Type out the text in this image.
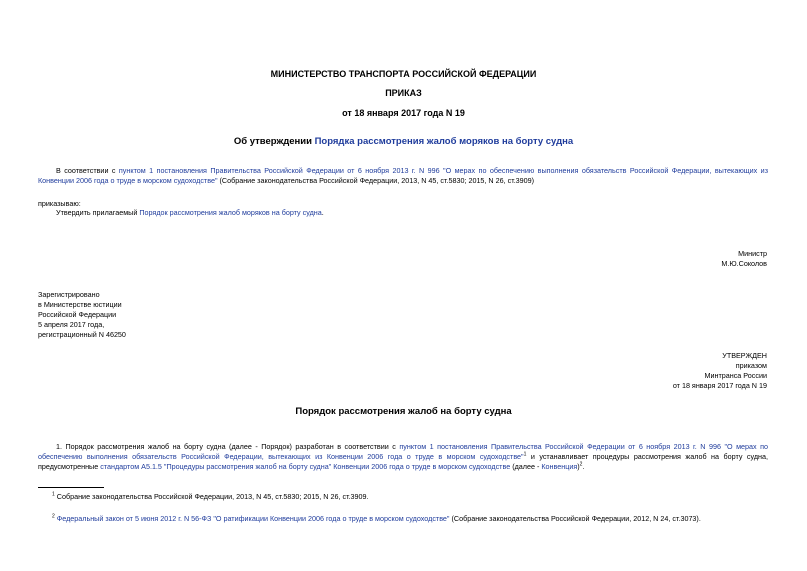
МИНИСТЕРСТВО ТРАНСПОРТА РОССИЙСКОЙ ФЕДЕРАЦИИ
ПРИКАЗ
от 18 января 2017 года N 19
Об утверждении Порядка рассмотрения жалоб моряков на борту судна
В соответствии с пунктом 1 постановления Правительства Российской Федерации от 6 ноября 2013 г. N 996 "О мерах по обеспечению выполнения обязательств Российской Федерации, вытекающих из Конвенции 2006 года о труде в морском судоходстве" (Собрание законодательства Российской Федерации, 2013, N 45, ст.5830; 2015, N 26, ст.3909)
приказываю:
Утвердить прилагаемый Порядок рассмотрения жалоб моряков на борту судна.
Министр
М.Ю.Соколов
Зарегистрировано
в Министерстве юстиции
Российской Федерации
5 апреля 2017 года,
регистрационный N 46250
УТВЕРЖДЕН
приказом
Минтранса России
от 18 января 2017 года N 19
Порядок рассмотрения жалоб на борту судна
1. Порядок рассмотрения жалоб на борту судна (далее - Порядок) разработан в соответствии с пунктом 1 постановления Правительства Российской Федерации от 6 ноября 2013 г. N 996 "О мерах по обеспечению выполнения обязательств Российской Федерации, вытекающих из Конвенции 2006 года о труде в морском судоходстве"$^1$ и устанавливает процедуры рассмотрения жалоб на борту судна, предусмотренные стандартом А5.1.5 "Процедуры рассмотрения жалоб на борту судна" Конвенции 2006 года о труде в морском судоходстве (далее - Конвенция)$^2$.
$^1$ Собрание законодательства Российской Федерации, 2013, N 45, ст.5830; 2015, N 26, ст.3909.
$^2$ Федеральный закон от 5 июня 2012 г. N 56-ФЗ "О ратификации Конвенции 2006 года о труде в морском судоходстве" (Собрание законодательства Российской Федерации, 2012, N 24, ст.3073).
